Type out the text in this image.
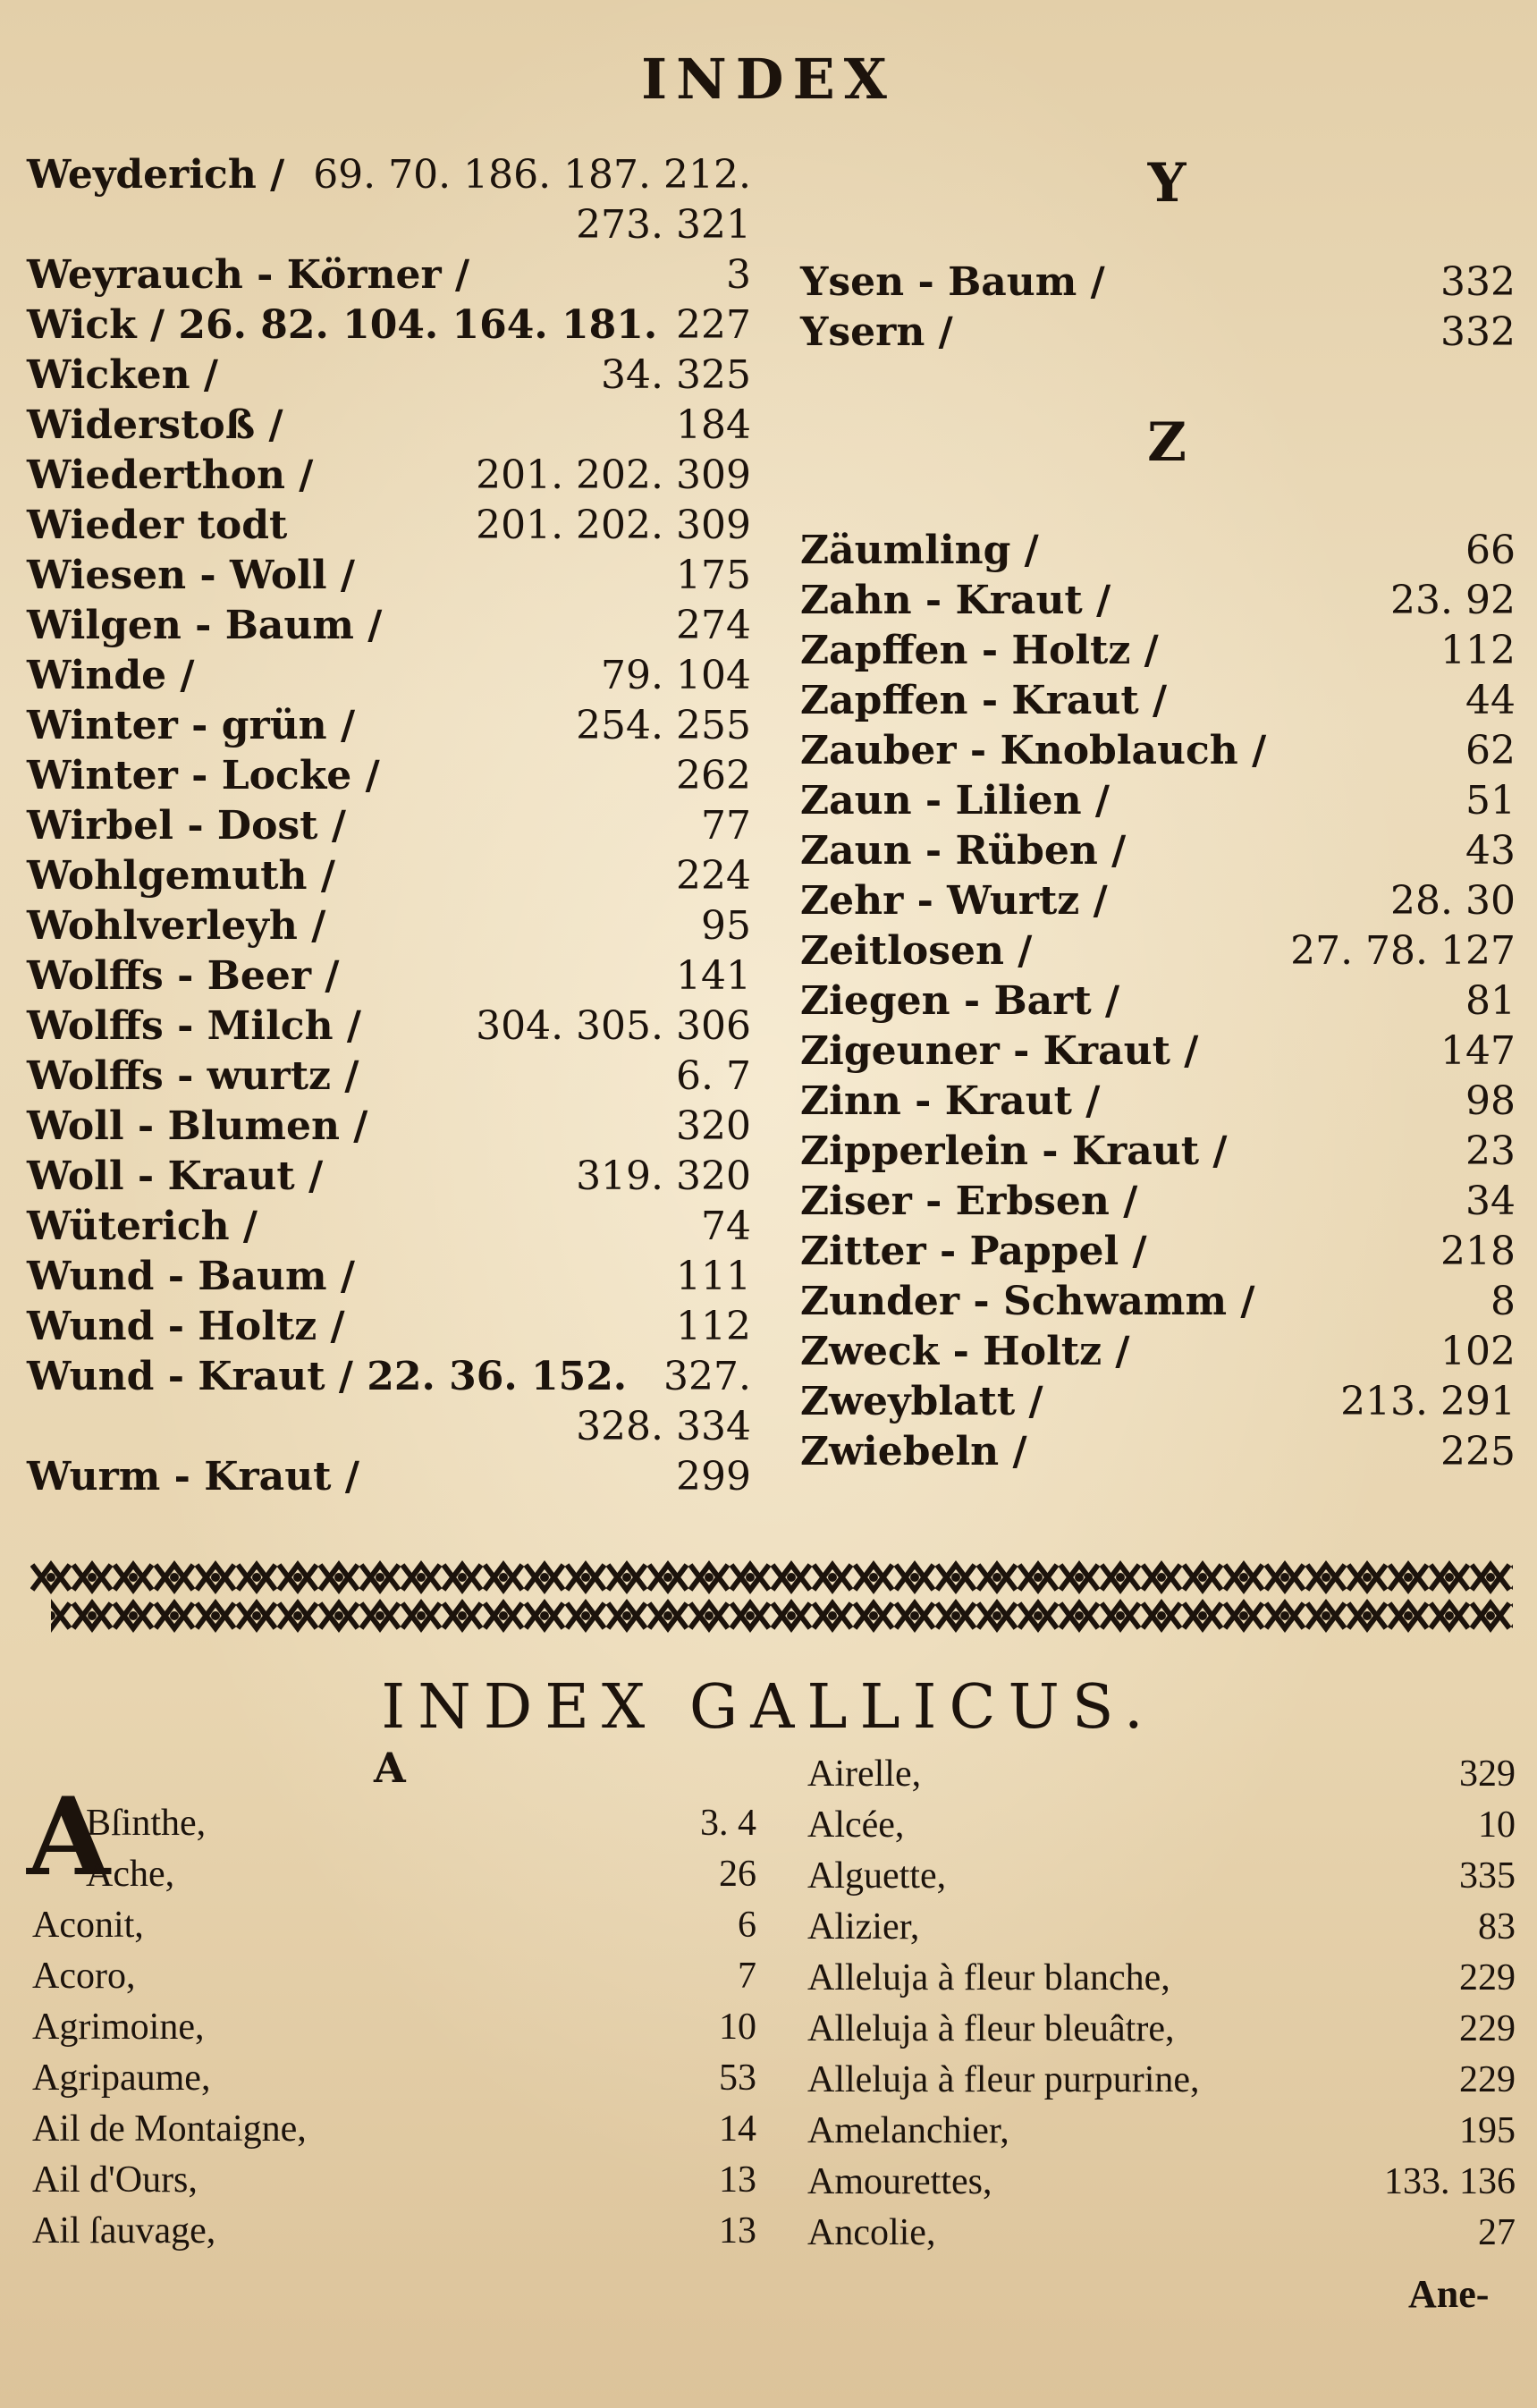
INDEX
Weyderich / 69. 70. 186. 187. 212.
273. 321
Weyrauch - Körner /	3
Wick / 26. 82. 104. 164. 181. 227
Wicken /	34. 325
Widerstoß /	184
Wiederthon /	201. 202. 309
Wieder todt	201. 202. 309
Wiesen - Woll /	175
Wilgen - Baum /	274
Winde /	79. 104
Winter - grün /	254. 255
Winter - Locke /	262
Wirbel - Dost /	77
Wohlgemuth /	224
Wohlverleyh /	95
Wolffs - Beer /	141
Wolffs - Milch /	304. 305. 306
Wolffs - wurtz /	6. 7
Woll - Blumen /	320
Woll - Kraut /	319. 320
Wüterich /	74
Wund - Baum /	111
Wund - Holtz /	112
Wund - Kraut / 22. 36. 152. 327.
328. 334
Wurm - Kraut /	299
Y
Ysen - Baum /	332
Ysern /	332
Z
Zäumling /	66
Zahn - Kraut /	23. 92
Zapffen - Holtz /	112
Zapffen - Kraut /	44
Zauber - Knoblauch /	62
Zaun - Lilien /	51
Zaun - Rüben /	43
Zehr - Wurtz /	28. 30
Zeitlosen /	27. 78. 127
Ziegen - Bart /	81
Zigeuner - Kraut /	147
Zinn - Kraut /	98
Zipperlein - Kraut /	23
Ziser - Erbsen /	34
Zitter - Pappel /	218
Zunder - Schwamm /	8
Zweck - Holtz /	102
Zweyblatt /	213. 291
Zwiebeln /	225
INDEX GALLICUS.
A
A
Bſinthe,	3. 4
Ache,	26
Aconit,	6
Acoro,	7
Agrimoine,	10
Agripaume,	53
Ail de Montaigne,	14
Ail d'Ours,	13
Ail ſauvage,	13
Airelle,	329
Alcée,	10
Alguette,	335
Alizier,	83
Alleluja à fleur blanche,	229
Alleluja à fleur bleuâtre,	229
Alleluja à fleur purpurine,	229
Amelanchier,	195
Amourettes,	133. 136
Ancolie,	27
Ane-
